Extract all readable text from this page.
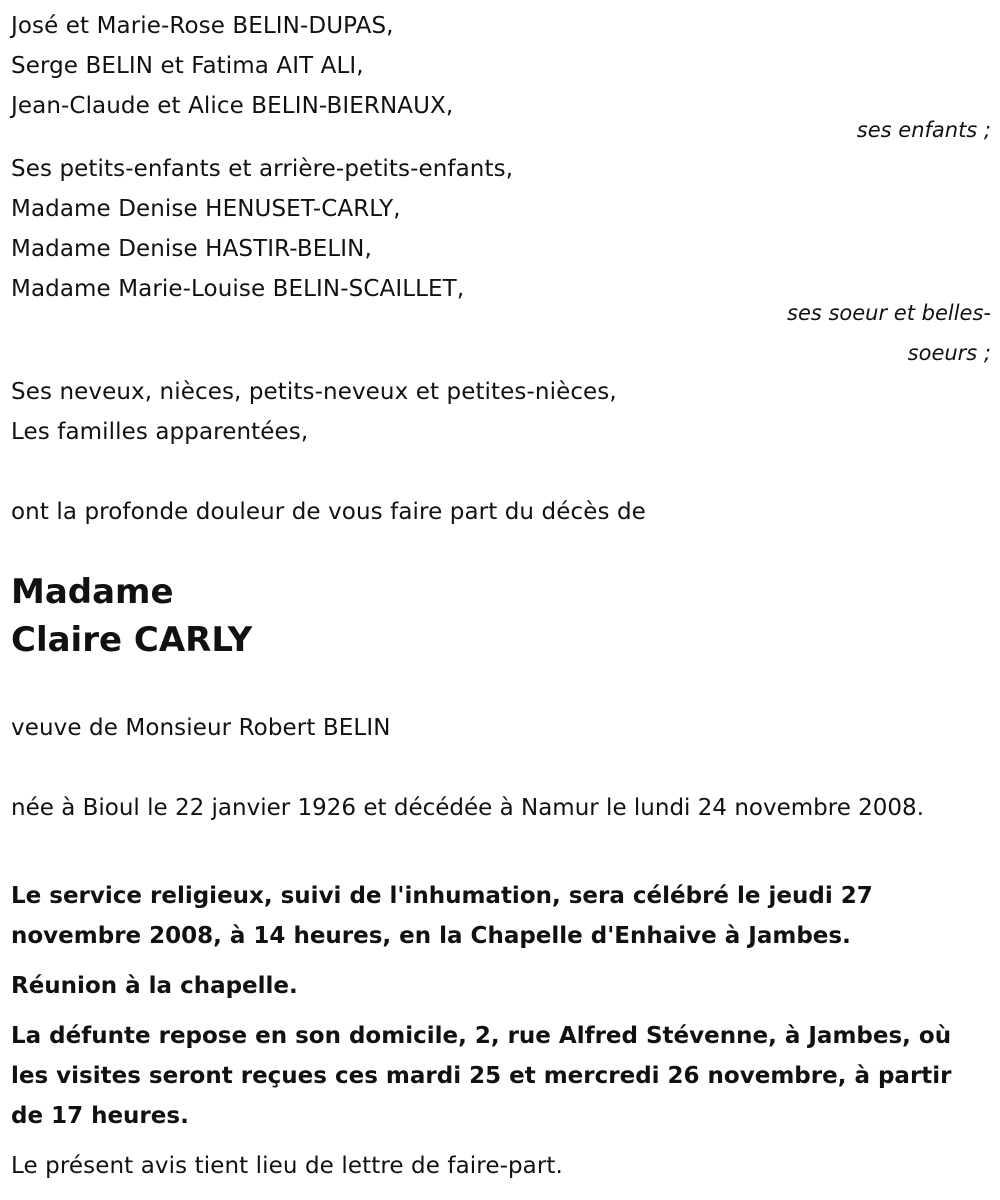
José et Marie-Rose BELIN-DUPAS,
Serge BELIN et Fatima AIT ALI,
Jean-Claude et Alice BELIN-BIERNAUX,
ses enfants ;
Ses petits-enfants et arrière-petits-enfants,
Madame Denise HENUSET-CARLY,
Madame Denise HASTIR-BELIN,
Madame Marie-Louise BELIN-SCAILLET,
ses soeur et belles-
soeurs ;
Ses neveux, nièces, petits-neveux et petites-nièces,
Les familles apparentées,
ont la profonde douleur de vous faire part du décès de
Madame
Claire CARLY
veuve de Monsieur Robert BELIN
née à Bioul le 22 janvier 1926 et décédée à Namur le lundi 24 novembre 2008.
Le service religieux, suivi de l'inhumation, sera célébré le jeudi 27 novembre 2008, à 14 heures, en la Chapelle d'Enhaive à Jambes.
Réunion à la chapelle.
La défunte repose en son domicile, 2, rue Alfred Stévenne, à Jambes, où les visites seront reçues ces mardi 25 et mercredi 26 novembre, à partir de 17 heures.
Le présent avis tient lieu de lettre de faire-part.
